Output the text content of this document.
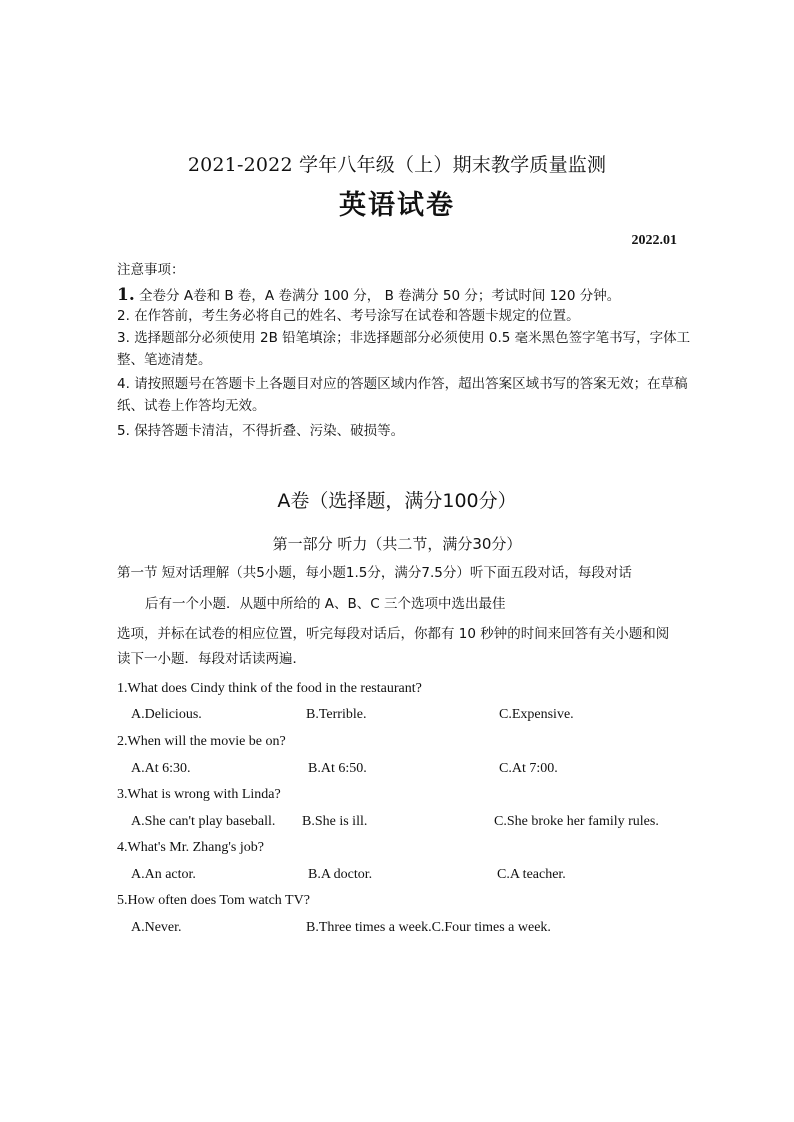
2021-2022 学年八年级（上）期末教学质量监测
英语试卷
2022.01
注意事项：
1. 全卷分 A卷和 B 卷，A 卷满分 100 分， B 卷满分 50 分；考试时间 120 分钟。
2. 在作答前，考生务必将自己的姓名、考号涂写在试卷和答题卡规定的位置。
3. 选择题部分必须使用 2B 铅笔填涂；非选择题部分必须使用 0.5 毫米黑色签字笔书写，字体工整、笔迹清楚。
4. 请按照题号在答题卡上各题目对应的答题区域内作答，超出答案区域书写的答案无效；在草稿纸、试卷上作答均无效。
5. 保持答题卡清洁，不得折叠、污染、破损等。
A卷（选择题，满分100分）
第一部分 听力（共二节，满分30分）
第一节 短对话理解（共5小题，每小题1.5分，满分7.5分）听下面五段对话，每段对话
后有一个小题．从题中所给的 A、B、C 三个选项中选出最佳
选项，并标在试卷的相应位置，听完每段对话后，你都有 10 秒钟的时间来回答有关小题和阅
读下一小题．每段对话读两遍．
1.What does Cindy think of the food in the restaurant?
A.Delicious.	B.Terrible.	C.Expensive.
2.When will the movie be on?
A.At 6:30.	B.At 6:50.	C.At 7:00.
3.What is wrong with Linda?
A.She can't play baseball. B.She is ill.	C.She broke her family rules.
4.What's Mr. Zhang's job?
A.An actor.	B.A doctor.	C.A teacher.
5.How often does Tom watch TV?
A.Never.	B.Three times a week.C.Four times a week.
